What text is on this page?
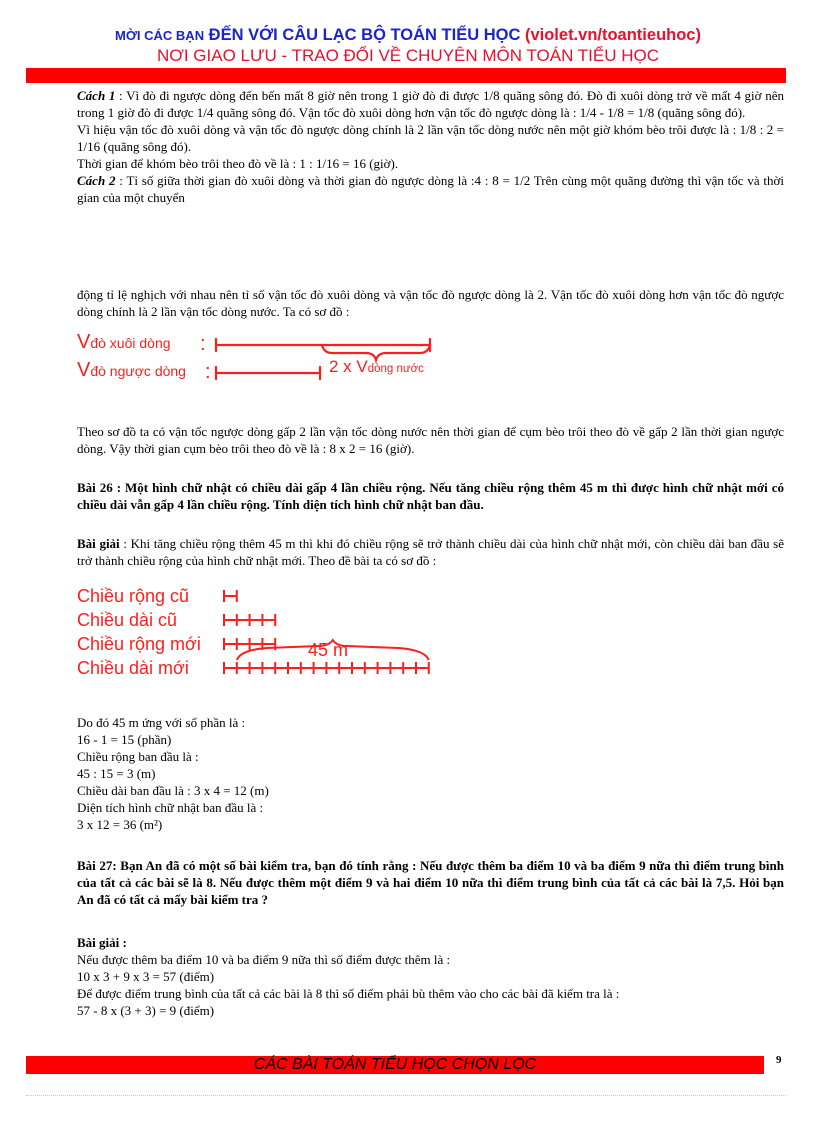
MỜI CÁC BẠN ĐẾN VỚI CÂU LẠC BỘ TOÁN TIỂU HỌC (violet.vn/toantieuhoc)
NƠI GIAO LƯU - TRAO ĐỔI VỀ CHUYÊN MÔN TOÁN TIỂU HỌC

Cách 1 : Vì đò đi ngược dòng đến bến mất 8 giờ nên trong 1 giờ đò đi được 1/8 quãng sông đó. Đò đi xuôi dòng trở về mất 4 giờ nên trong 1 giờ đò đi được 1/4 quãng sông đó. Vận tốc đò xuôi dòng hơn vận tốc đò ngược dòng là : 1/4 - 1/8 = 1/8 (quãng sông đó).

Vì hiệu vận tốc đò xuôi dòng và vận tốc đò ngược dòng chính là 2 lần vận tốc dòng nước nên một giờ khóm bèo trôi được là : 1/8 : 2 = 1/16 (quãng sông đó).

Thời gian để khóm bèo trôi theo đò về là : 1 : 1/16 = 16 (giờ).

Cách 2 : Tỉ số giữa thời gian đò xuôi dòng và thời gian đò ngược dòng là :4 : 8 = 1/2 Trên cùng một quãng đường thì vận tốc và thời gian của một chuyển

động tỉ lệ nghịch với nhau nên tỉ số vận tốc đò xuôi dòng và vận tốc đò ngược dòng là 2. Vận tốc đò xuôi dòng hơn vận tốc đò ngược dòng chính là 2 lần vận tốc dòng nước. Ta có sơ đồ :

Vđò xuôi dòng :
Vđò ngược dòng :	2 x Vdòng nước

Theo sơ đồ ta có vận tốc ngược dòng gấp 2 lần vận tốc dòng nước nên thời gian để cụm bèo trôi theo đò về gấp 2 lần thời gian ngược dòng. Vậy thời gian cụm bèo trôi theo đò về là : 8 x 2 = 16 (giờ).

Bài 26 : Một hình chữ nhật có chiều dài gấp 4 lần chiều rộng. Nếu tăng chiều rộng thêm 45 m thì được hình chữ nhật mới có chiều dài vẫn gấp 4 lần chiều rộng. Tính diện tích hình chữ nhật ban đầu.

Bài giải : Khi tăng chiều rộng thêm 45 m thì khi đó chiều rộng sẽ trở thành chiều dài của hình chữ nhật mới, còn chiều dài ban đầu sẽ trở thành chiều rộng của hình chữ nhật mới. Theo đề bài ta có sơ đồ :

Chiều rộng cũ
Chiều dài cũ
Chiều rộng mới
Chiều dài mới
45 m

Do đó 45 m ứng với số phần là :

16 - 1 = 15 (phần)

Chiều rộng ban đầu là :

45 : 15 = 3 (m)

Chiều dài ban đầu là : 3 x 4 = 12 (m)

Diện tích hình chữ nhật ban đầu là :

3 x 12 = 36 (m²)

Bài 27: Bạn An đã có một số bài kiểm tra, bạn đó tính rằng : Nếu được thêm ba điểm 10 và ba điểm 9 nữa thì điểm trung bình của tất cả các bài sẽ là 8. Nếu được thêm một điểm 9 và hai điểm 10 nữa thì điểm trung bình của tất cả các bài là 7,5. Hỏi bạn An đã có tất cả mấy bài kiểm tra ?

Bài giải :

Nếu được thêm ba điểm 10 và ba điểm 9 nữa thì số điểm được thêm là :

10 x 3 + 9 x 3 = 57 (điểm)

Để được điểm trung bình của tất cả các bài là 8 thì số điểm phải bù thêm vào cho các bài đã kiểm tra là :

57 - 8 x (3 + 3) = 9 (điểm)

CÁC BÀI TOÁN TIỂU HỌC CHỌN LỌC	9
